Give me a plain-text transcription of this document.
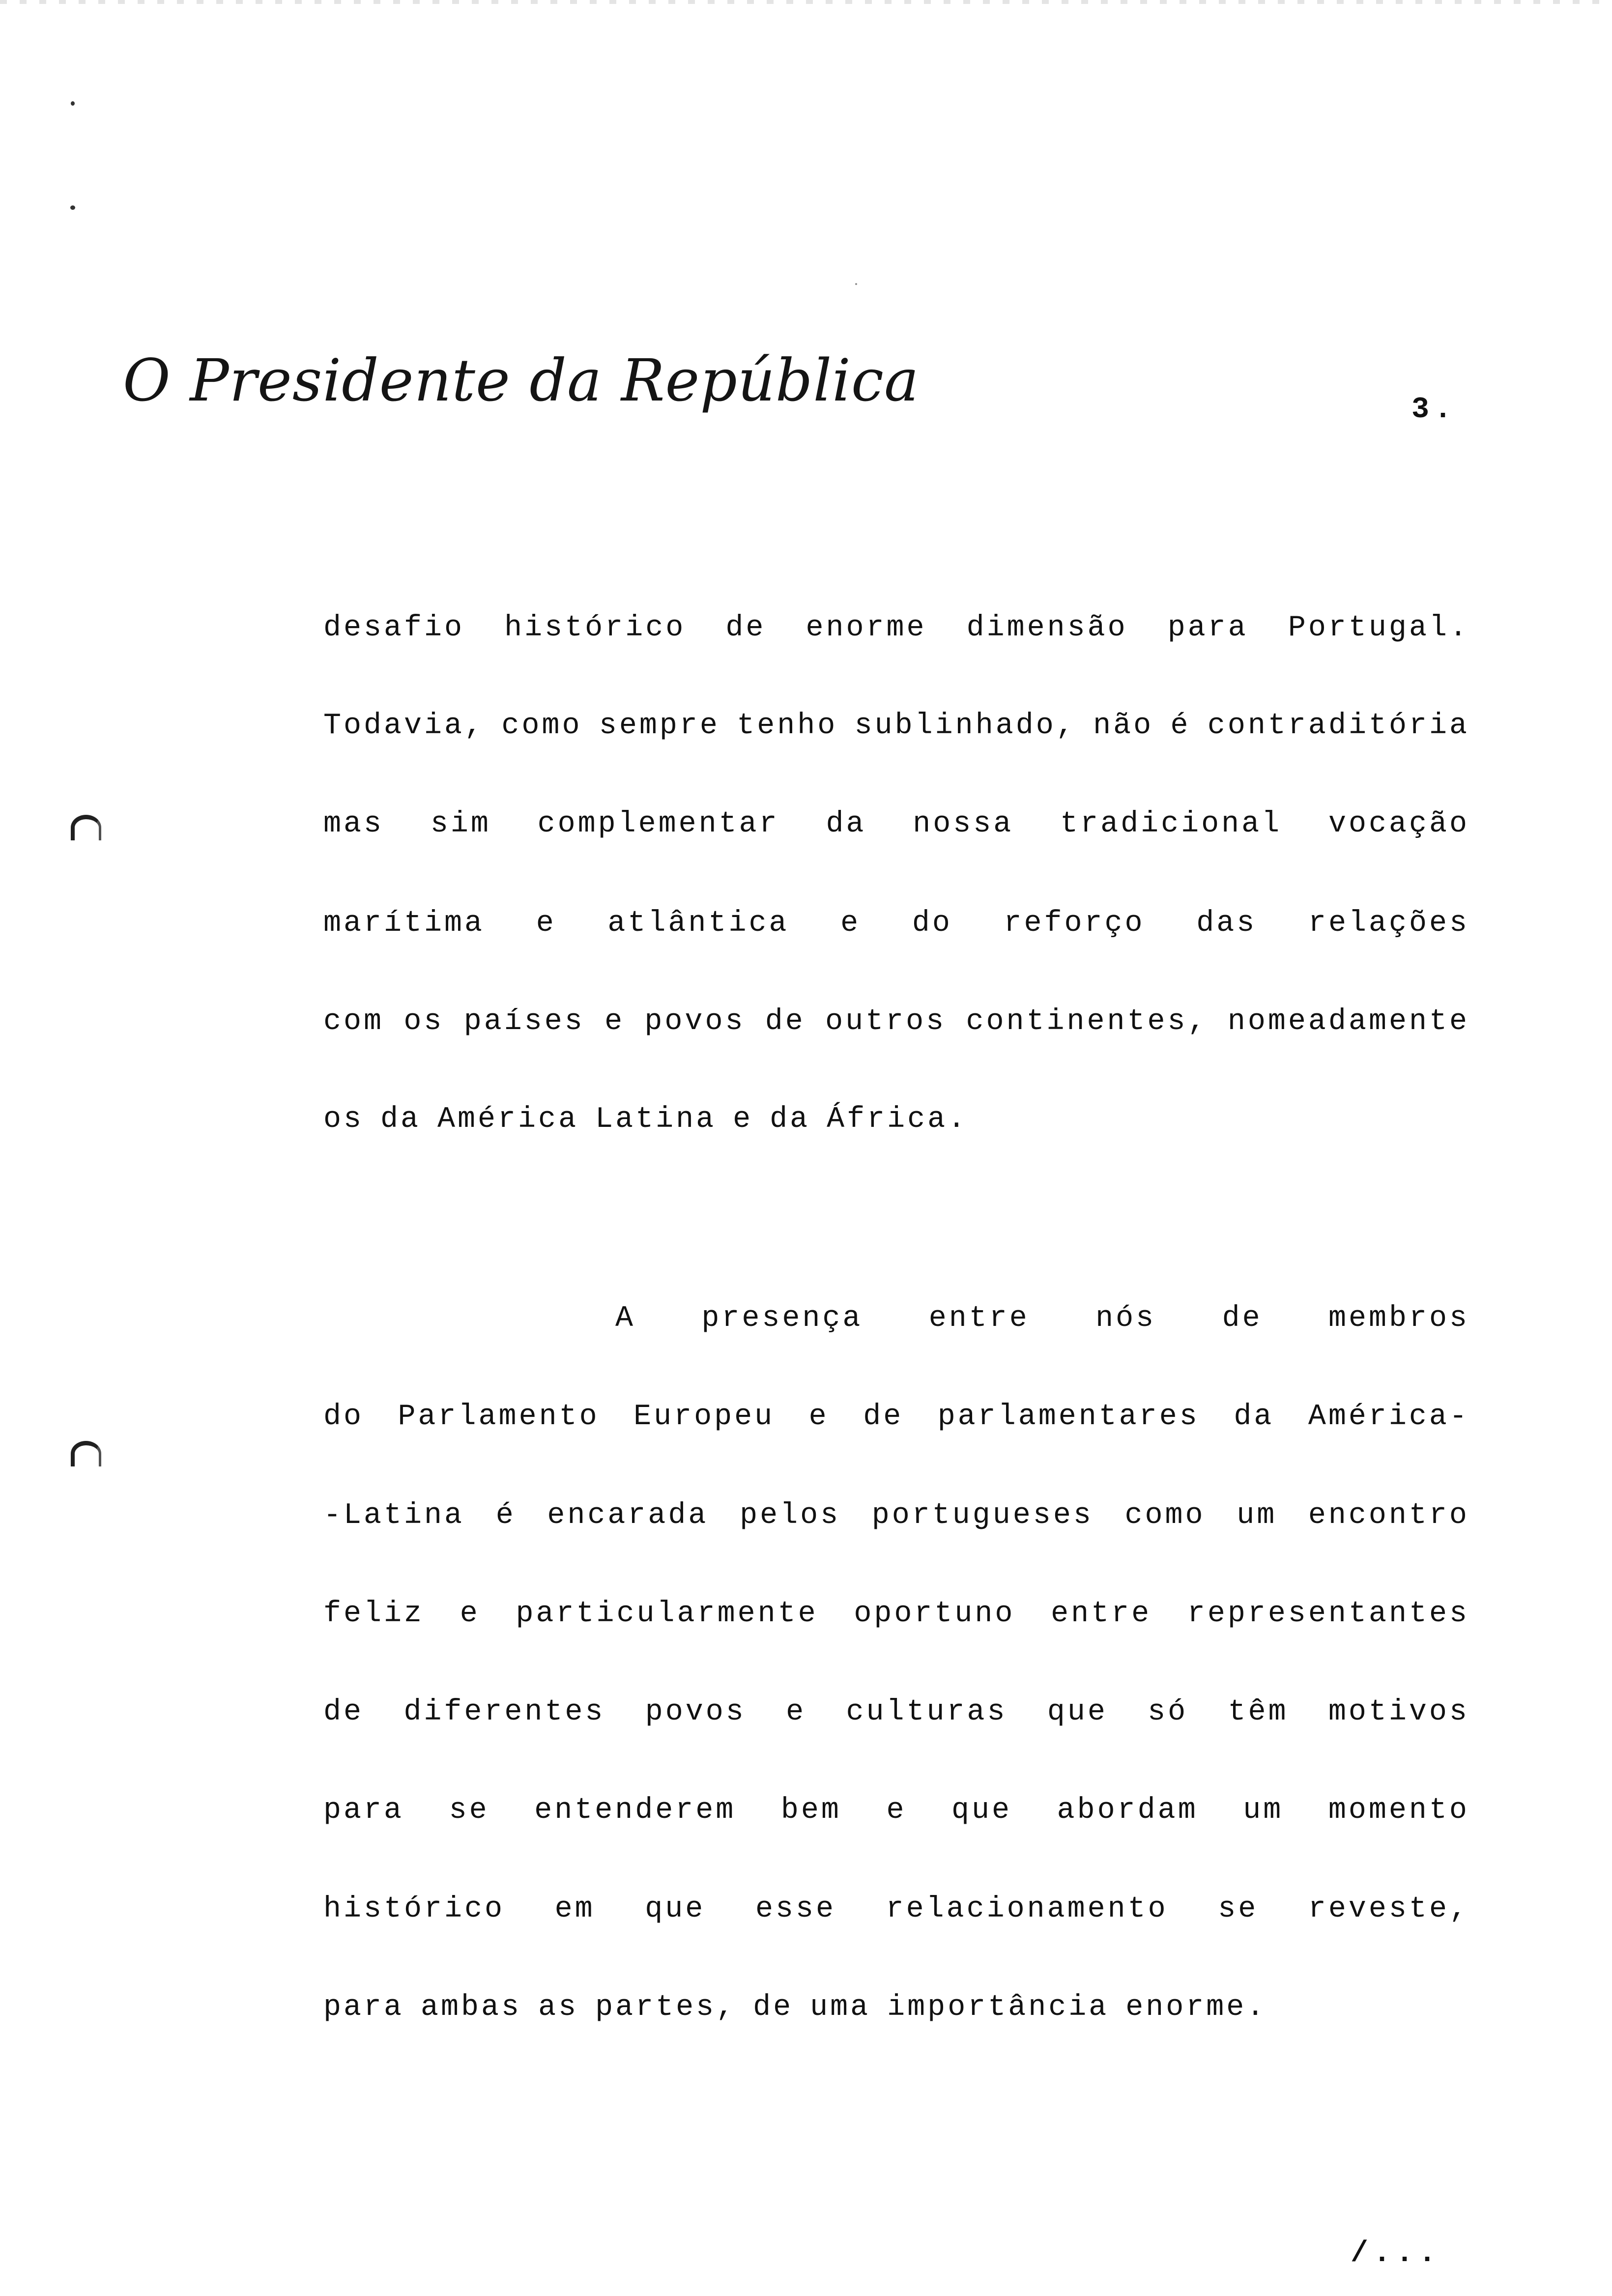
O Presidente da República	3.
desafio histórico de enorme dimensão para Portugal.
Todavia, como sempre tenho sublinhado, não é contraditória
mas sim complementar da nossa tradicional vocação
marítima e atlântica e do reforço das relações
com os países e povos de outros continentes, nomeadamente
os da América Latina e da África.
A presença entre nós de membros
do Parlamento Europeu e de parlamentares da América-
-Latina é encarada pelos portugueses como um encontro
feliz e particularmente oportuno entre representantes
de diferentes povos e culturas que só têm motivos
para se entenderem bem e que abordam um momento
histórico em que esse relacionamento se reveste,
para ambas as partes, de uma importância enorme.
/...
